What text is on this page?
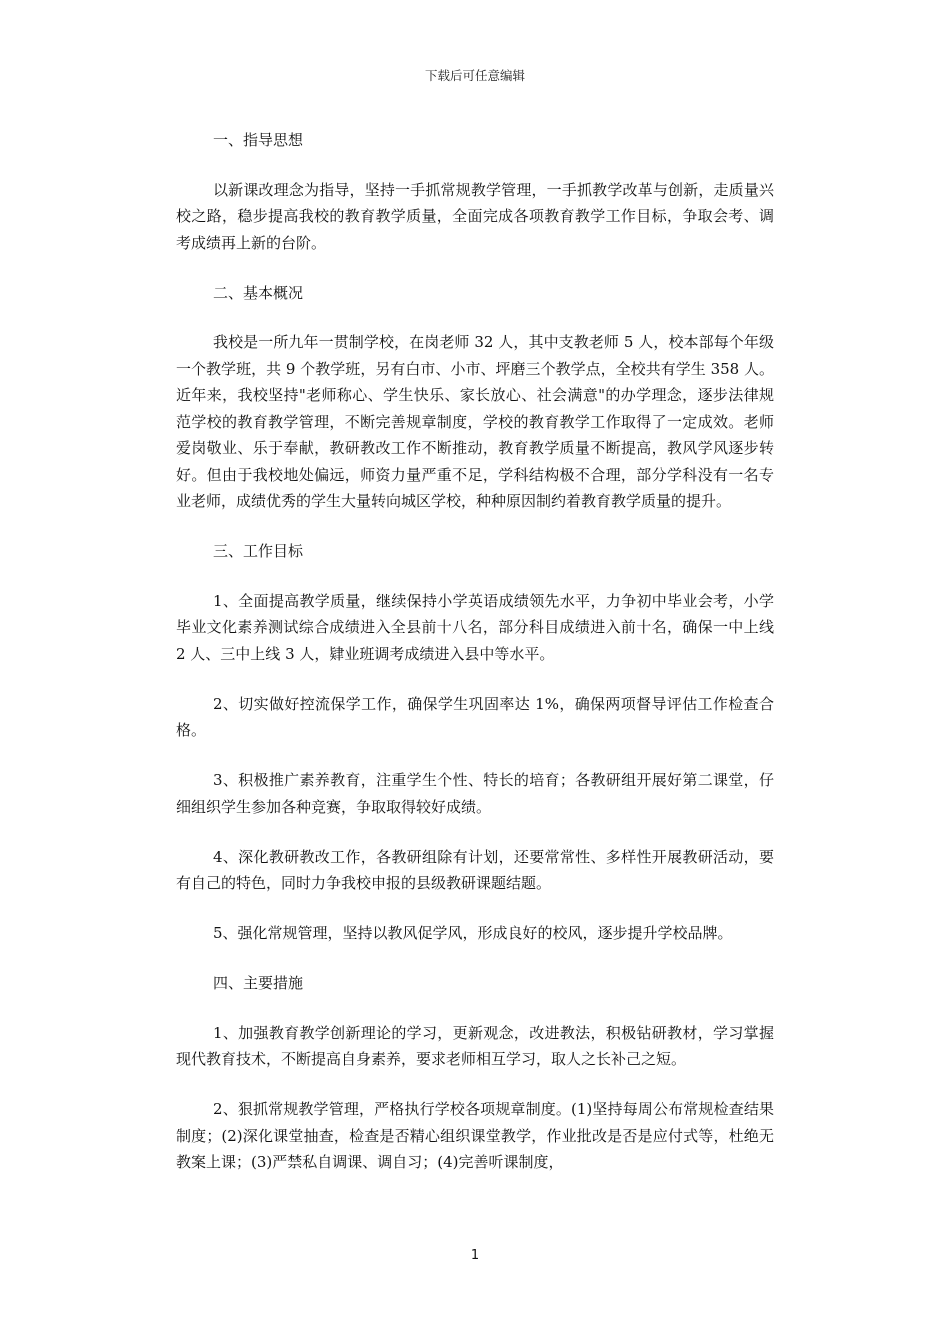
下载后可任意编辑
一、指导思想

以新课改理念为指导，坚持一手抓常规教学管理，一手抓教学改革与创新，走质量兴校之路，稳步提高我校的教育教学质量，全面完成各项教育教学工作目标，争取会考、调考成绩再上新的台阶。

二、基本概况

我校是一所九年一贯制学校，在岗老师 32 人，其中支教老师 5 人，校本部每个年级一个教学班，共 9 个教学班，另有白市、小市、坪磨三个教学点，全校共有学生 358 人。近年来，我校坚持"老师称心、学生快乐、家长放心、社会满意"的办学理念，逐步法律规范学校的教育教学管理，不断完善规章制度，学校的教育教学工作取得了一定成效。老师爱岗敬业、乐于奉献，教研教改工作不断推动，教育教学质量不断提高，教风学风逐步转好。但由于我校地处偏远，师资力量严重不足，学科结构极不合理，部分学科没有一名专业老师，成绩优秀的学生大量转向城区学校，种种原因制约着教育教学质量的提升。

三、工作目标

1、全面提高教学质量，继续保持小学英语成绩领先水平，力争初中毕业会考，小学毕业文化素养测试综合成绩进入全县前十八名，部分科目成绩进入前十名，确保一中上线 2 人、三中上线 3 人，肄业班调考成绩进入县中等水平。

2、切实做好控流保学工作，确保学生巩固率达 1%，确保两项督导评估工作检查合格。

3、积极推广素养教育，注重学生个性、特长的培育；各教研组开展好第二课堂，仔细组织学生参加各种竞赛，争取取得较好成绩。

4、深化教研教改工作，各教研组除有计划，还要常常性、多样性开展教研活动，要有自己的特色，同时力争我校申报的县级教研课题结题。

5、强化常规管理，坚持以教风促学风，形成良好的校风，逐步提升学校品牌。

四、主要措施

1、加强教育教学创新理论的学习，更新观念，改进教法，积极钻研教材，学习掌握现代教育技术，不断提高自身素养，要求老师相互学习，取人之长补己之短。

2、狠抓常规教学管理，严格执行学校各项规章制度。(1)坚持每周公布常规检查结果制度；(2)深化课堂抽查，检查是否精心组织课堂教学，作业批改是否是应付式等，杜绝无教案上课；(3)严禁私自调课、调自习；(4)完善听课制度，

1
